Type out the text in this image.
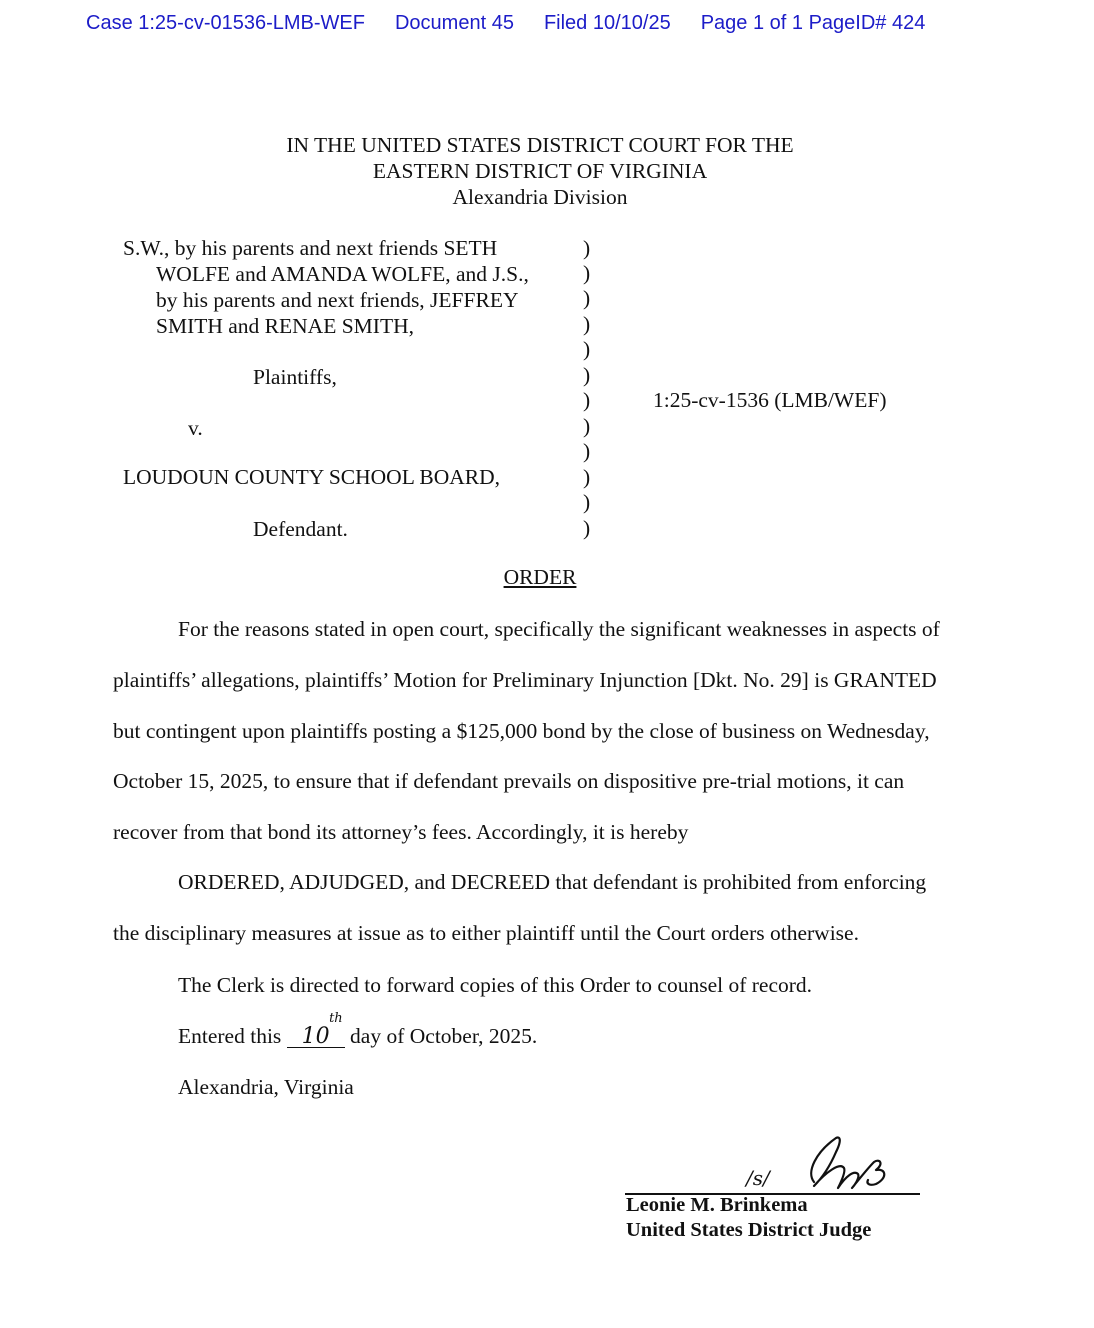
Case 1:25-cv-01536-LMB-WEF Document 45 Filed 10/10/25 Page 1 of 1 PageID# 424
IN THE UNITED STATES DISTRICT COURT FOR THE
EASTERN DISTRICT OF VIRGINIA
Alexandria Division
S.W., by his parents and next friends SETH
WOLFE and AMANDA WOLFE, and J.S.,
by his parents and next friends, JEFFREY
SMITH and RENAE SMITH,
Plaintiffs,
v.
LOUDOUN COUNTY SCHOOL BOARD,
Defendant.
)
)
)
)
)
)
)
)
)
)
)
)
1:25-cv-1536 (LMB/WEF)
ORDER
For the reasons stated in open court, specifically the significant weaknesses in aspects of
plaintiffs’ allegations, plaintiffs’ Motion for Preliminary Injunction [Dkt. No. 29] is GRANTED
but contingent upon plaintiffs posting a $125,000 bond by the close of business on Wednesday,
October 15, 2025, to ensure that if defendant prevails on dispositive pre-trial motions, it can
recover from that bond its attorney’s fees. Accordingly, it is hereby
ORDERED, ADJUDGED, and DECREED that defendant is prohibited from enforcing
the disciplinary measures at issue as to either plaintiff until the Court orders otherwise.
The Clerk is directed to forward copies of this Order to counsel of record.
Entered this 10
th
day of October, 2025.
Alexandria, Virginia
/s/
Leonie M. Brinkema
United States District Judge
